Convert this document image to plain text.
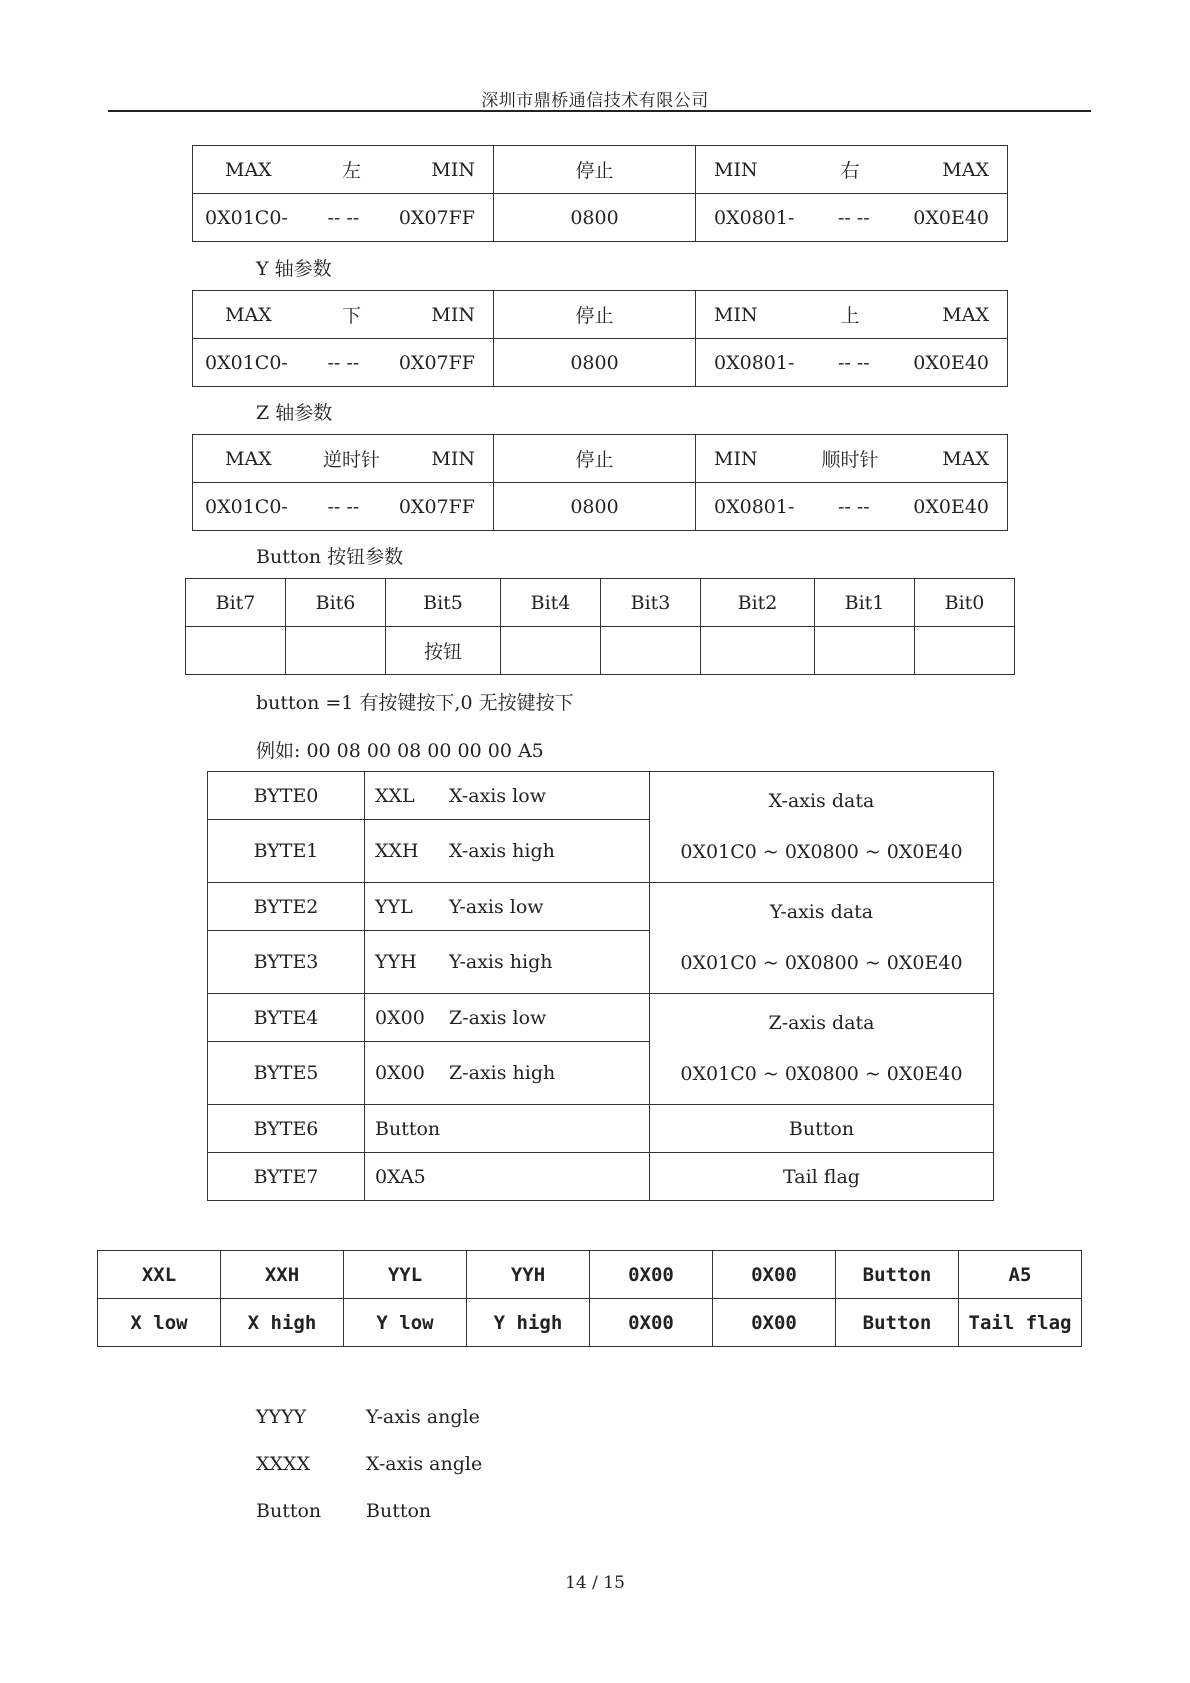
深圳市鼎桥通信技术有限公司
MAX 左 MIN	停止	MIN 右 MAX

0X01C0- -- -- 0X07FF	0800	0X0801- -- -- 0X0E40
Y 轴参数
MAX 下 MIN	停止	MIN 上 MAX

0X01C0- -- -- 0X07FF	0800	0X0801- -- -- 0X0E40
Z 轴参数
MAX 逆时针 MIN	停止	MIN 顺时针 MAX

0X01C0- -- -- 0X07FF	0800	0X0801- -- -- 0X0E40
Button 按钮参数
Bit7	Bit6	Bit5	Bit4	Bit3	Bit2	Bit1	Bit0
		按钮					
button =1 有按键按下,0 无按键按下
例如: 00 08 00 08 00 00 00 A5
BYTE0	XXL X-axis low	X-axis data
0X01C0 ~ 0X0800 ~ 0X0E40
BYTE1	XXH X-axis high	
BYTE2	YYL Y-axis low	Y-axis data
0X01C0 ~ 0X0800 ~ 0X0E40
BYTE3	YYH Y-axis high	
BYTE4	0X00 Z-axis low	Z-axis data
0X01C0 ~ 0X0800 ~ 0X0E40
BYTE5	0X00 Z-axis high	
BYTE6	Button	Button
BYTE7	0XA5	Tail flag
XXL	XXH	YYL	YYH	0X00	0X00	Button	A5
X low	X high	Y low	Y high	0X00	0X00	Button	Tail flag
YYYY	Y-axis angle
XXXX	X-axis angle
Button Button
14 / 15
